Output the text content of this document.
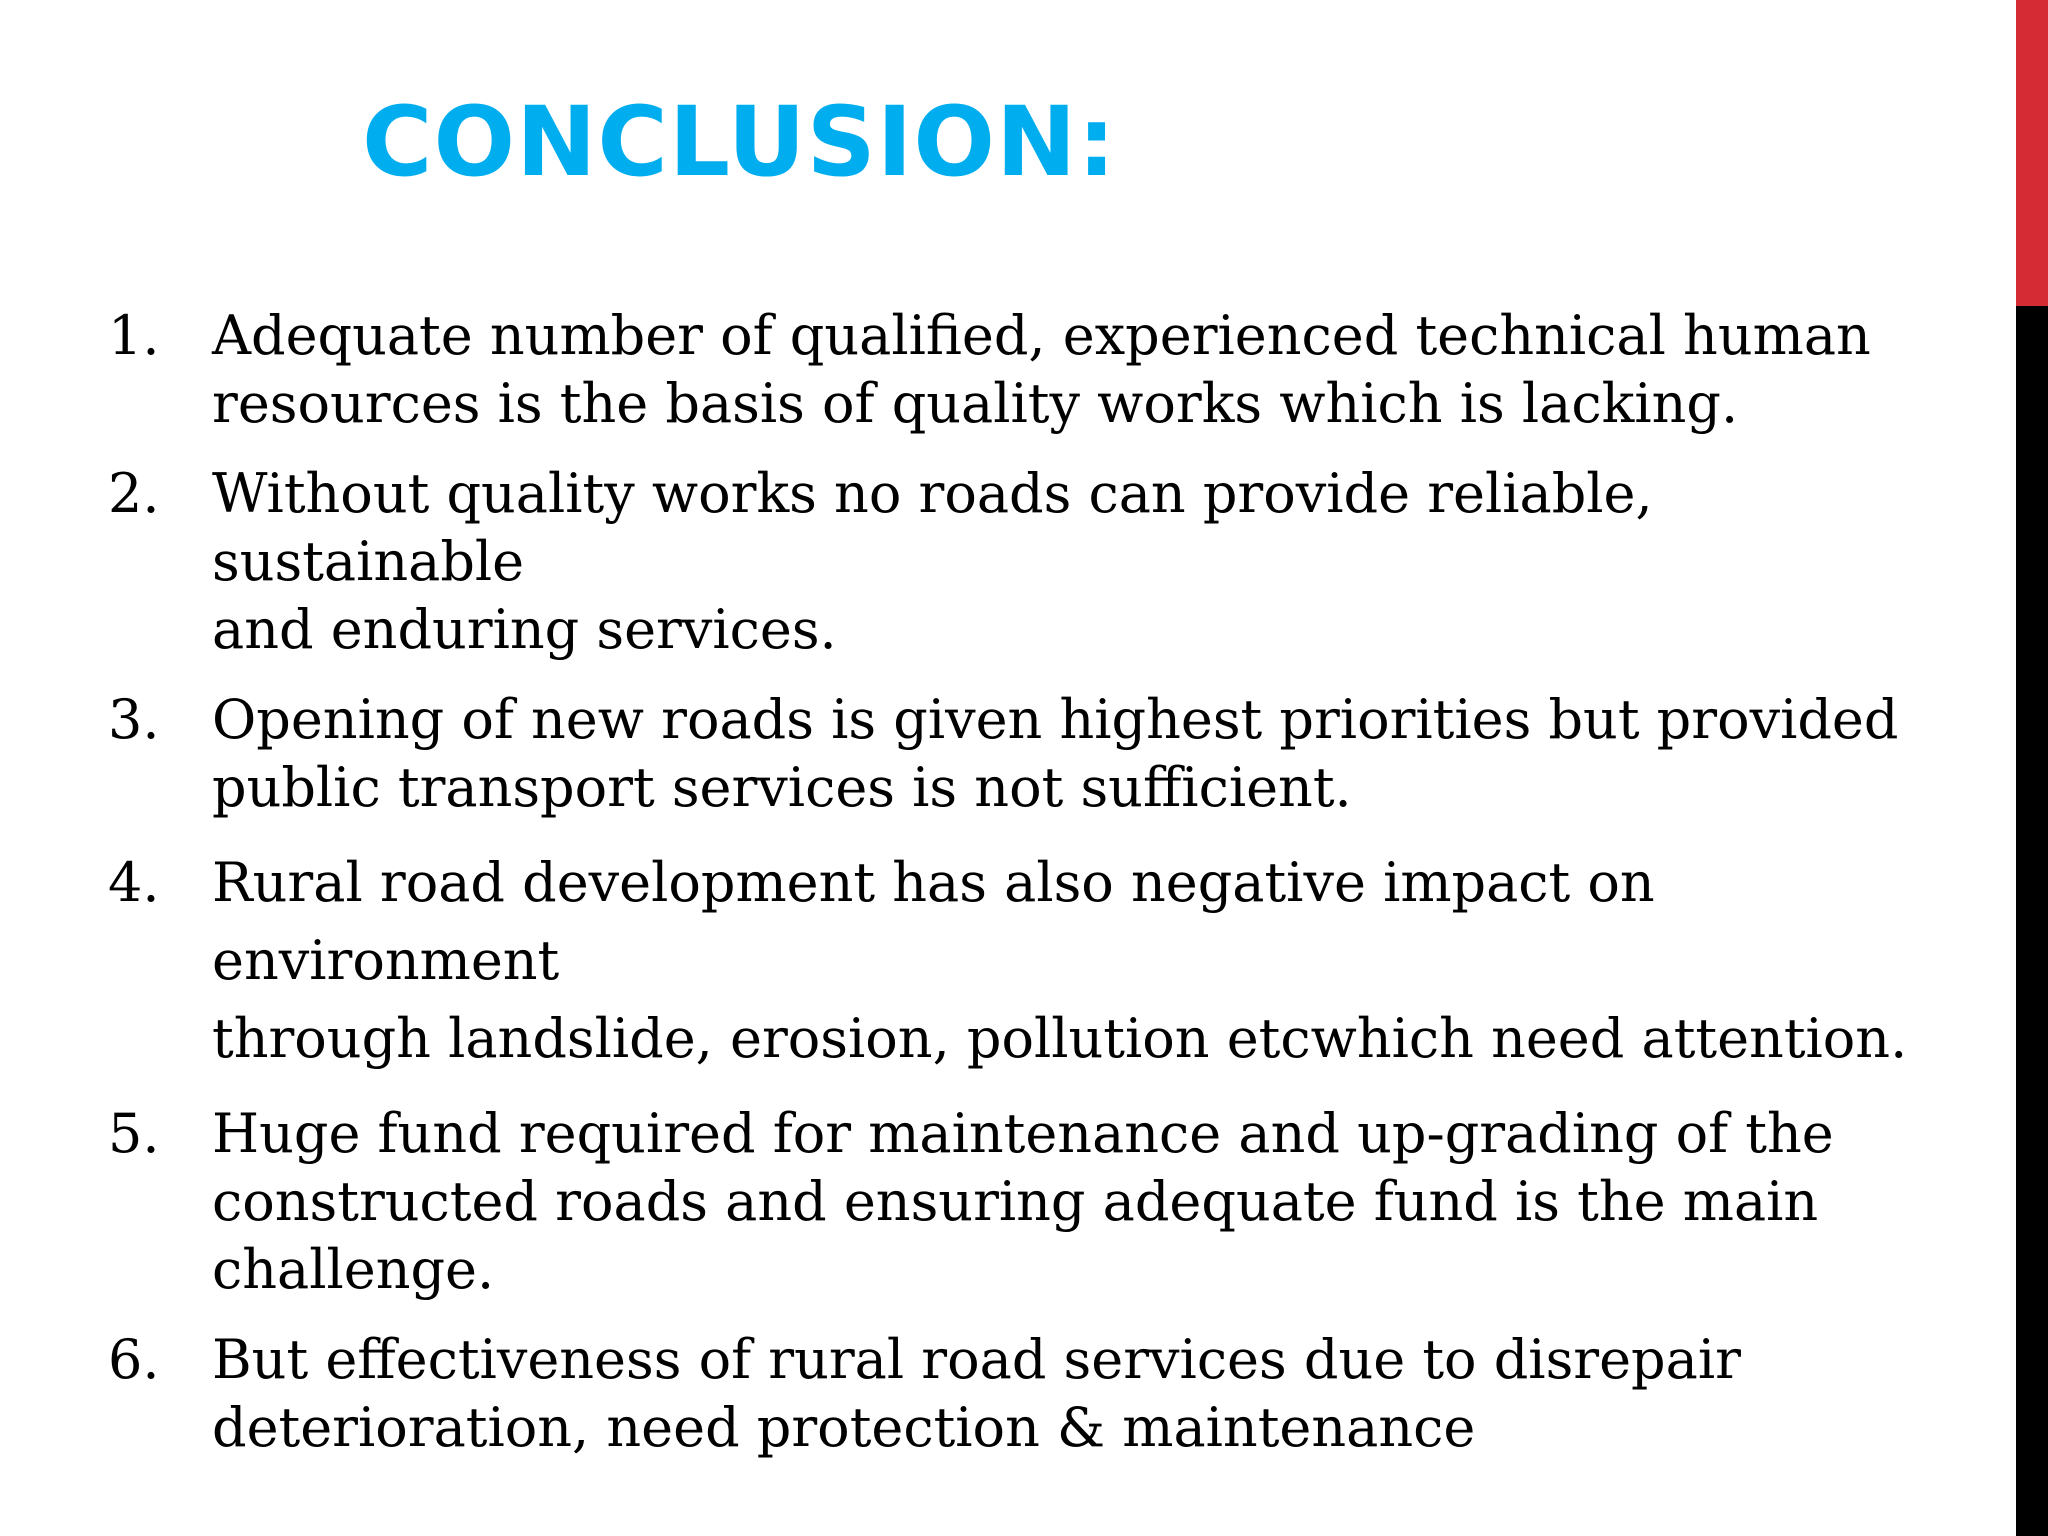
CONCLUSION:
1. Adequate number of qualified, experienced technical human
resources is the basis of quality works which is lacking.
2. Without quality works no roads can provide reliable, sustainable
and enduring services.
3. Opening of new roads is given highest priorities but provided
public transport services is not sufficient.
4. Rural road development has also negative impact on environment
through landslide, erosion, pollution etcwhich need attention.
5. Huge fund required for maintenance and up-grading of the
constructed roads and ensuring adequate fund is the main
challenge.
6. But effectiveness of rural road services due to disrepair
deterioration, need protection & maintenance
